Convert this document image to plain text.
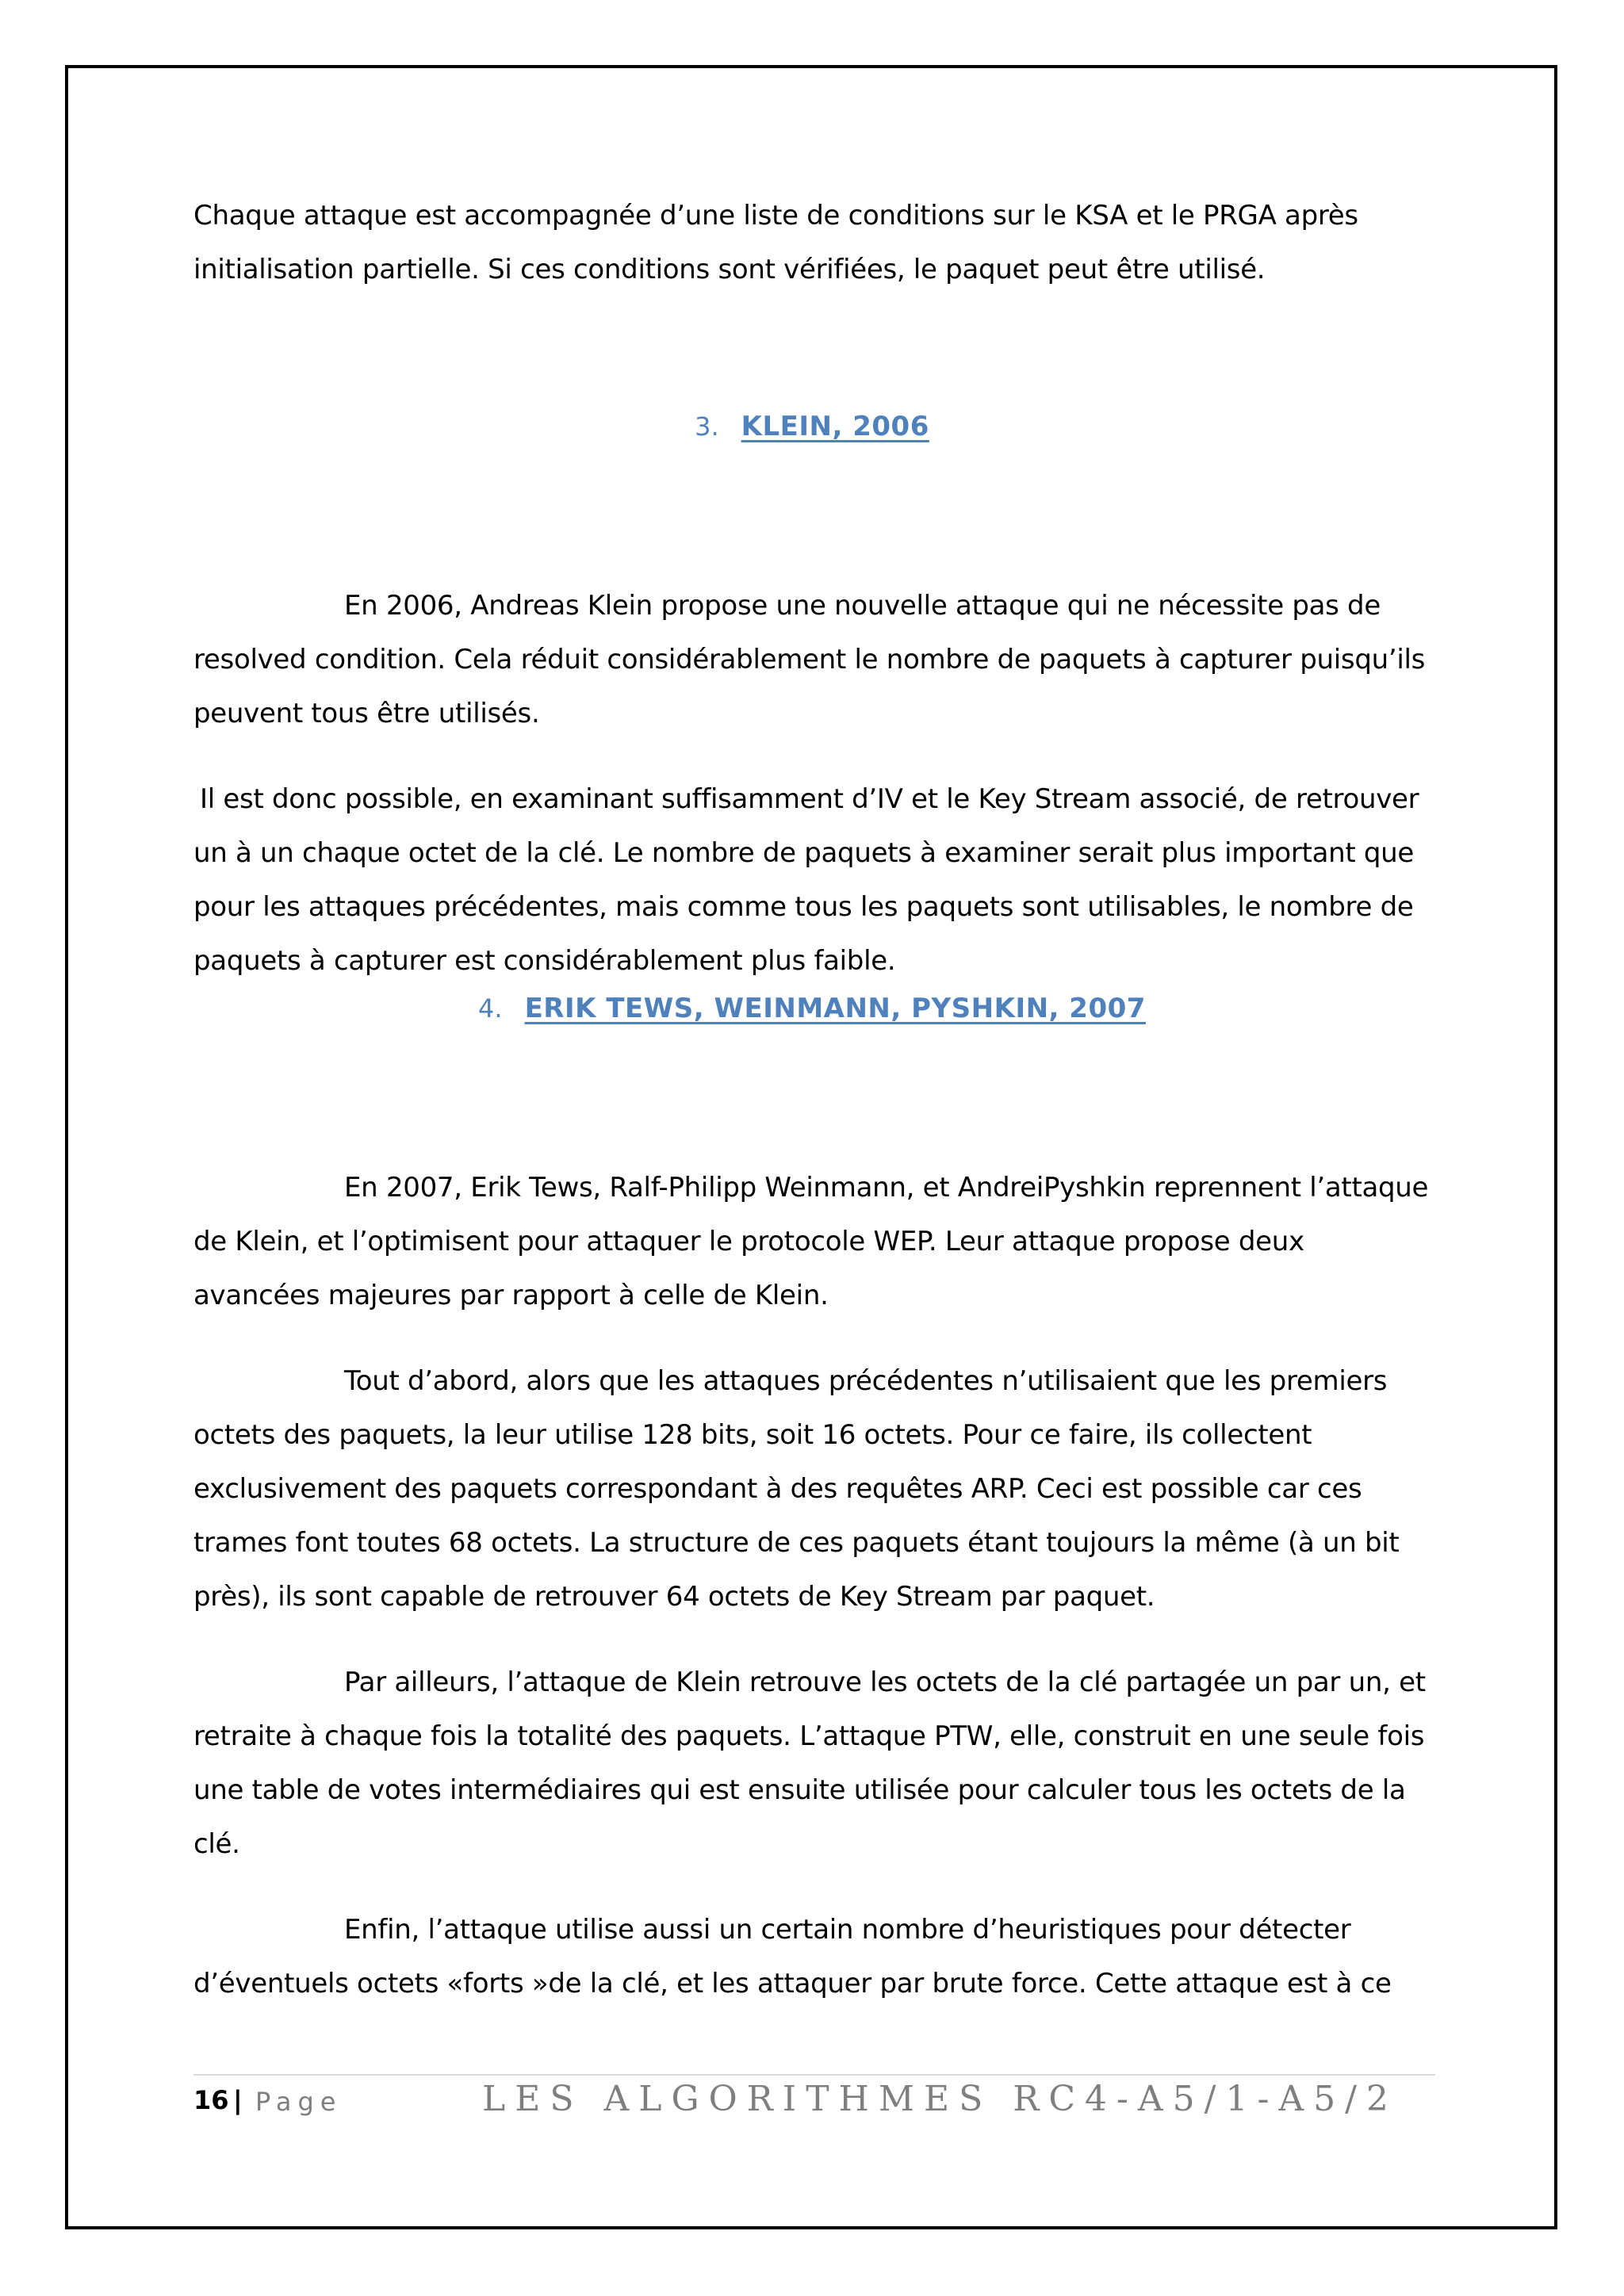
Chaque attaque est accompagnée d’une liste de conditions sur le KSA et le PRGA après initialisation partielle. Si ces conditions sont vérifiées, le paquet peut être utilisé.

3. KLEIN, 2006

En 2006, Andreas Klein propose une nouvelle attaque qui ne nécessite pas de resolved condition. Cela réduit considérablement le nombre de paquets à capturer puisqu’ils peuvent tous être utilisés.

Il est donc possible, en examinant suffisamment d’IV et le Key Stream associé, de retrouver un à un chaque octet de la clé. Le nombre de paquets à examiner serait plus important que pour les attaques précédentes, mais comme tous les paquets sont utilisables, le nombre de paquets à capturer est considérablement plus faible.

4. ERIK TEWS, WEINMANN, PYSHKIN, 2007

En 2007, Erik Tews, Ralf-Philipp Weinmann, et AndreiPyshkin reprennent l’attaque de Klein, et l’optimisent pour attaquer le protocole WEP. Leur attaque propose deux avancées majeures par rapport à celle de Klein.

Tout d’abord, alors que les attaques précédentes n’utilisaient que les premiers octets des paquets, la leur utilise 128 bits, soit 16 octets. Pour ce faire, ils collectent exclusivement des paquets correspondant à des requêtes ARP. Ceci est possible car ces trames font toutes 68 octets. La structure de ces paquets étant toujours la même (à un bit près), ils sont capable de retrouver 64 octets de Key Stream par paquet.

Par ailleurs, l’attaque de Klein retrouve les octets de la clé partagée un par un, et retraite à chaque fois la totalité des paquets. L’attaque PTW, elle, construit en une seule fois une table de votes intermédiaires qui est ensuite utilisée pour calculer tous les octets de la clé.

Enfin, l’attaque utilise aussi un certain nombre d’heuristiques pour détecter d’éventuels octets «forts »de la clé, et les attaquer par brute force. Cette attaque est à ce

16 | Page	LES ALGORITHMES RC4-A5/1-A5/2
